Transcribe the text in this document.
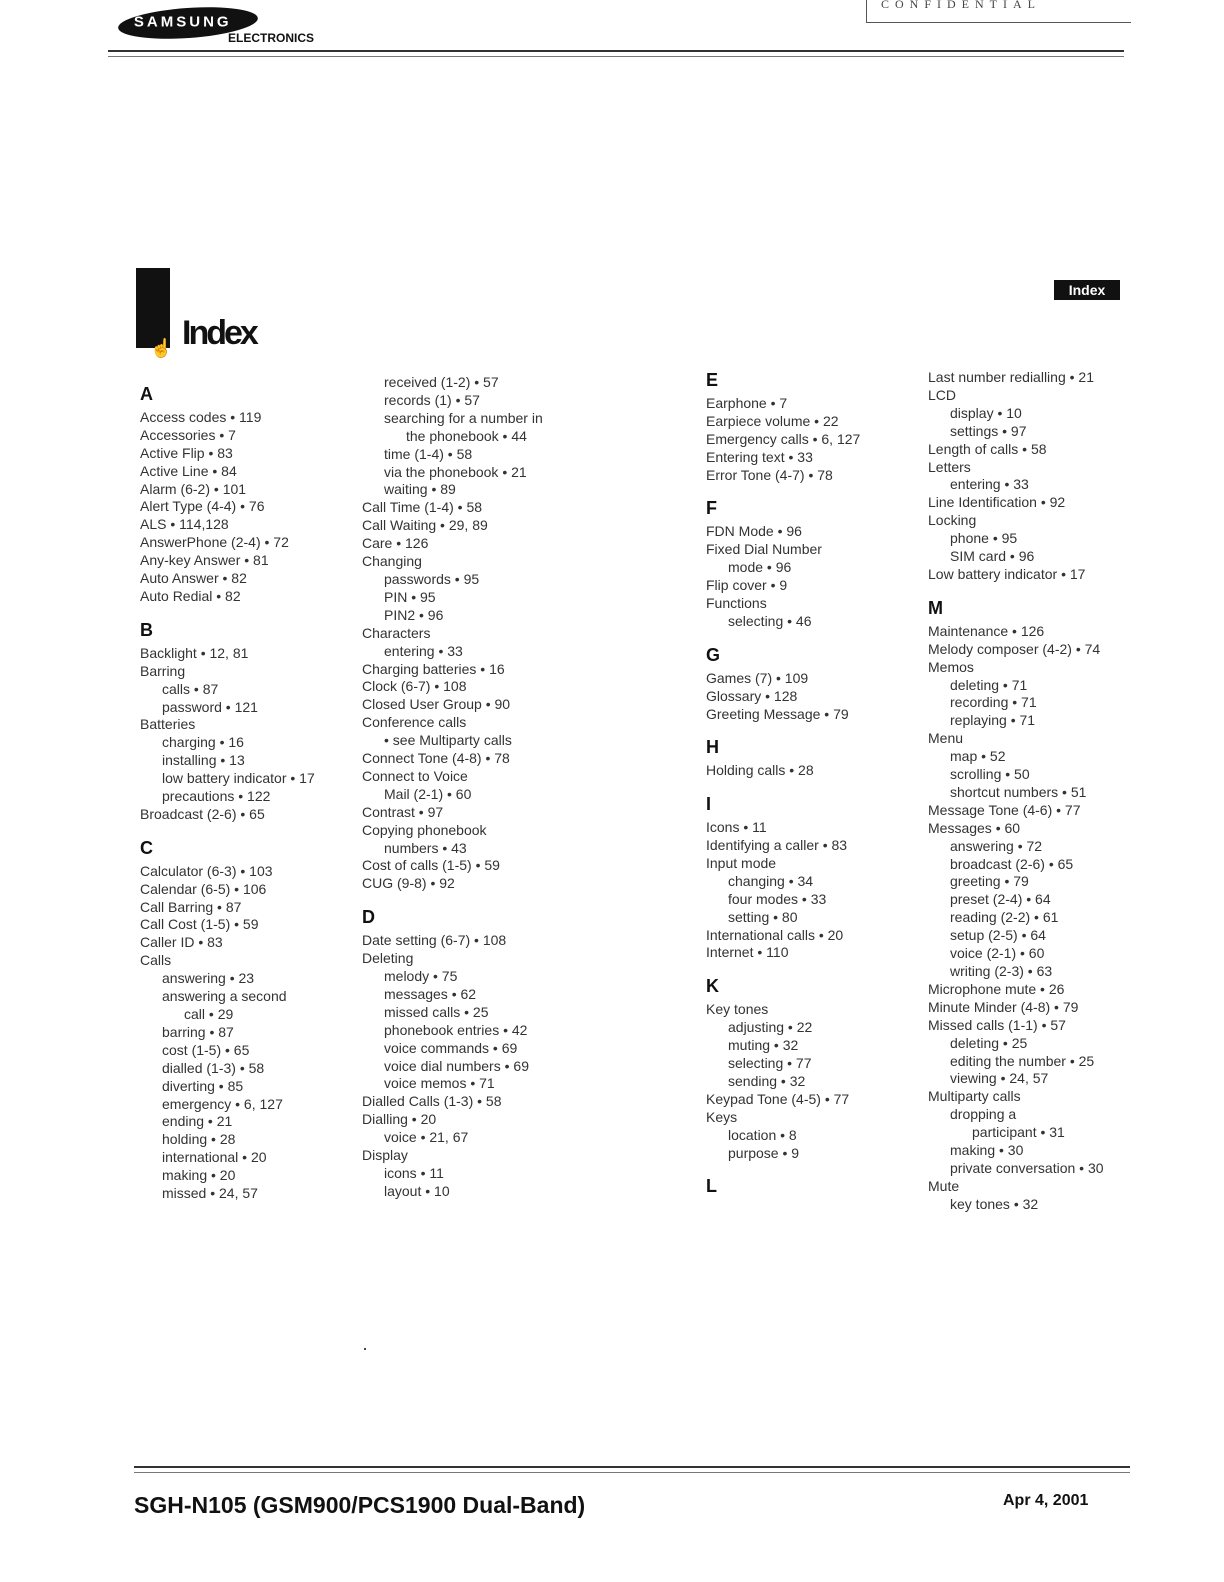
SAMSUNG
ELECTRONICS
CONFIDENTIAL
☝ Index
Index
A
Access codes • 119
Accessories • 7
Active Flip • 83
Active Line • 84
Alarm (6-2) • 101
Alert Type (4-4) • 76
ALS • 114,128
AnswerPhone (2-4) • 72
Any-key Answer • 81
Auto Answer • 82
Auto Redial • 82
B
Backlight • 12, 81
Barring
calls • 87
password • 121
Batteries
charging • 16
installing • 13
low battery indicator • 17
precautions • 122
Broadcast (2-6) • 65
C
Calculator (6-3) • 103
Calendar (6-5) • 106
Call Barring • 87
Call Cost (1-5) • 59
Caller ID • 83
Calls
answering • 23
answering a second
call • 29
barring • 87
cost (1-5) • 65
dialled (1-3) • 58
diverting • 85
emergency • 6, 127
ending • 21
holding • 28
international • 20
making • 20
missed • 24, 57
received (1-2) • 57
records (1) • 57
searching for a number in
the phonebook • 44
time (1-4) • 58
via the phonebook • 21
waiting • 89
Call Time (1-4) • 58
Call Waiting • 29, 89
Care • 126
Changing
passwords • 95
PIN • 95
PIN2 • 96
Characters
entering • 33
Charging batteries • 16
Clock (6-7) • 108
Closed User Group • 90
Conference calls
• see Multiparty calls
Connect Tone (4-8) • 78
Connect to Voice
Mail (2-1) • 60
Contrast • 97
Copying phonebook
numbers • 43
Cost of calls (1-5) • 59
CUG (9-8) • 92
D
Date setting (6-7) • 108
Deleting
melody • 75
messages • 62
missed calls • 25
phonebook entries • 42
voice commands • 69
voice dial numbers • 69
voice memos • 71
Dialled Calls (1-3) • 58
Dialling • 20
voice • 21, 67
Display
icons • 11
layout • 10
E
Earphone • 7
Earpiece volume • 22
Emergency calls • 6, 127
Entering text • 33
Error Tone (4-7) • 78
F
FDN Mode • 96
Fixed Dial Number
mode • 96
Flip cover • 9
Functions
selecting • 46
G
Games (7) • 109
Glossary • 128
Greeting Message • 79
H
Holding calls • 28
I
Icons • 11
Identifying a caller • 83
Input mode
changing • 34
four modes • 33
setting • 80
International calls • 20
Internet • 110
K
Key tones
adjusting • 22
muting • 32
selecting • 77
sending • 32
Keypad Tone (4-5) • 77
Keys
location • 8
purpose • 9
L
Last number redialling • 21
LCD
display • 10
settings • 97
Length of calls • 58
Letters
entering • 33
Line Identification • 92
Locking
phone • 95
SIM card • 96
Low battery indicator • 17
M
Maintenance • 126
Melody composer (4-2) • 74
Memos
deleting • 71
recording • 71
replaying • 71
Menu
map • 52
scrolling • 50
shortcut numbers • 51
Message Tone (4-6) • 77
Messages • 60
answering • 72
broadcast (2-6) • 65
greeting • 79
preset (2-4) • 64
reading (2-2) • 61
setup (2-5) • 64
voice (2-1) • 60
writing (2-3) • 63
Microphone mute • 26
Minute Minder (4-8) • 79
Missed calls (1-1) • 57
deleting • 25
editing the number • 25
viewing • 24, 57
Multiparty calls
dropping a
participant • 31
making • 30
private conversation • 30
Mute
key tones • 32
SGH-N105 (GSM900/PCS1900 Dual-Band)	Apr 4, 2001
